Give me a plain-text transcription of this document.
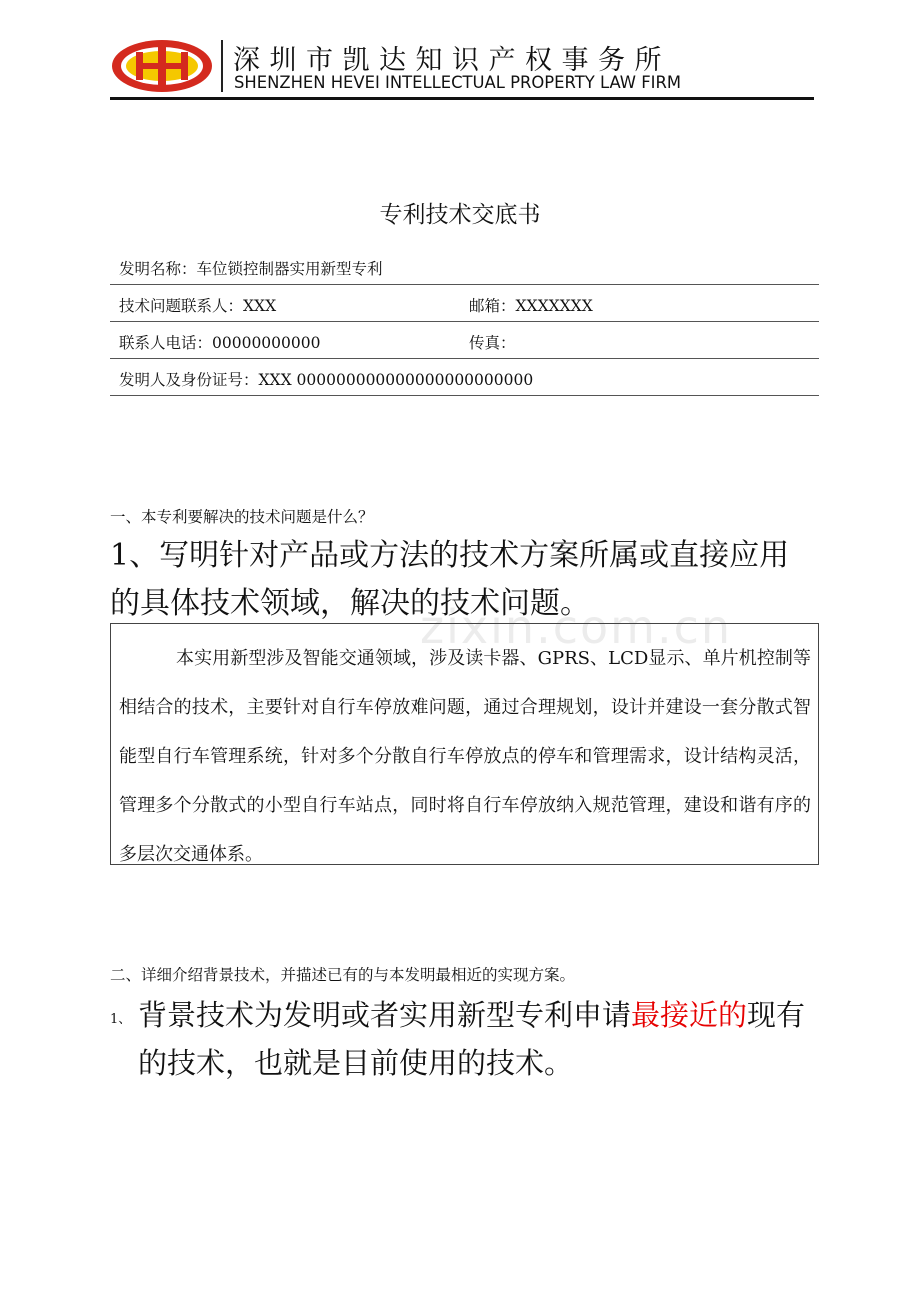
深圳市凯达知识产权事务所
SHENZHEN HEVEI INTELLECTUAL PROPERTY LAW FIRM
zixin.com.cn
专利技术交底书
发明名称：车位锁控制器实用新型专利
技术问题联系人：XXX	邮箱：XXXXXXX
联系人电话：00000000000	传真：
发明人及身份证号：XXX 000000000000000000000000
一、本专利要解决的技术问题是什么？
1、写明针对产品或方法的技术方案所属或直接应用的具体技术领域，解决的技术问题。
本实用新型涉及智能交通领域，涉及读卡器、GPRS、LCD显示、单片机控制等相结合的技术，主要针对自行车停放难问题，通过合理规划，设计并建设一套分散式智能型自行车管理系统，针对多个分散自行车停放点的停车和管理需求，设计结构灵活，管理多个分散式的小型自行车站点，同时将自行车停放纳入规范管理，建设和谐有序的多层次交通体系。
二、详细介绍背景技术，并描述已有的与本发明最相近的实现方案。
1、 背景技术为发明或者实用新型专利申请最接近的现有的技术，也就是目前使用的技术。
